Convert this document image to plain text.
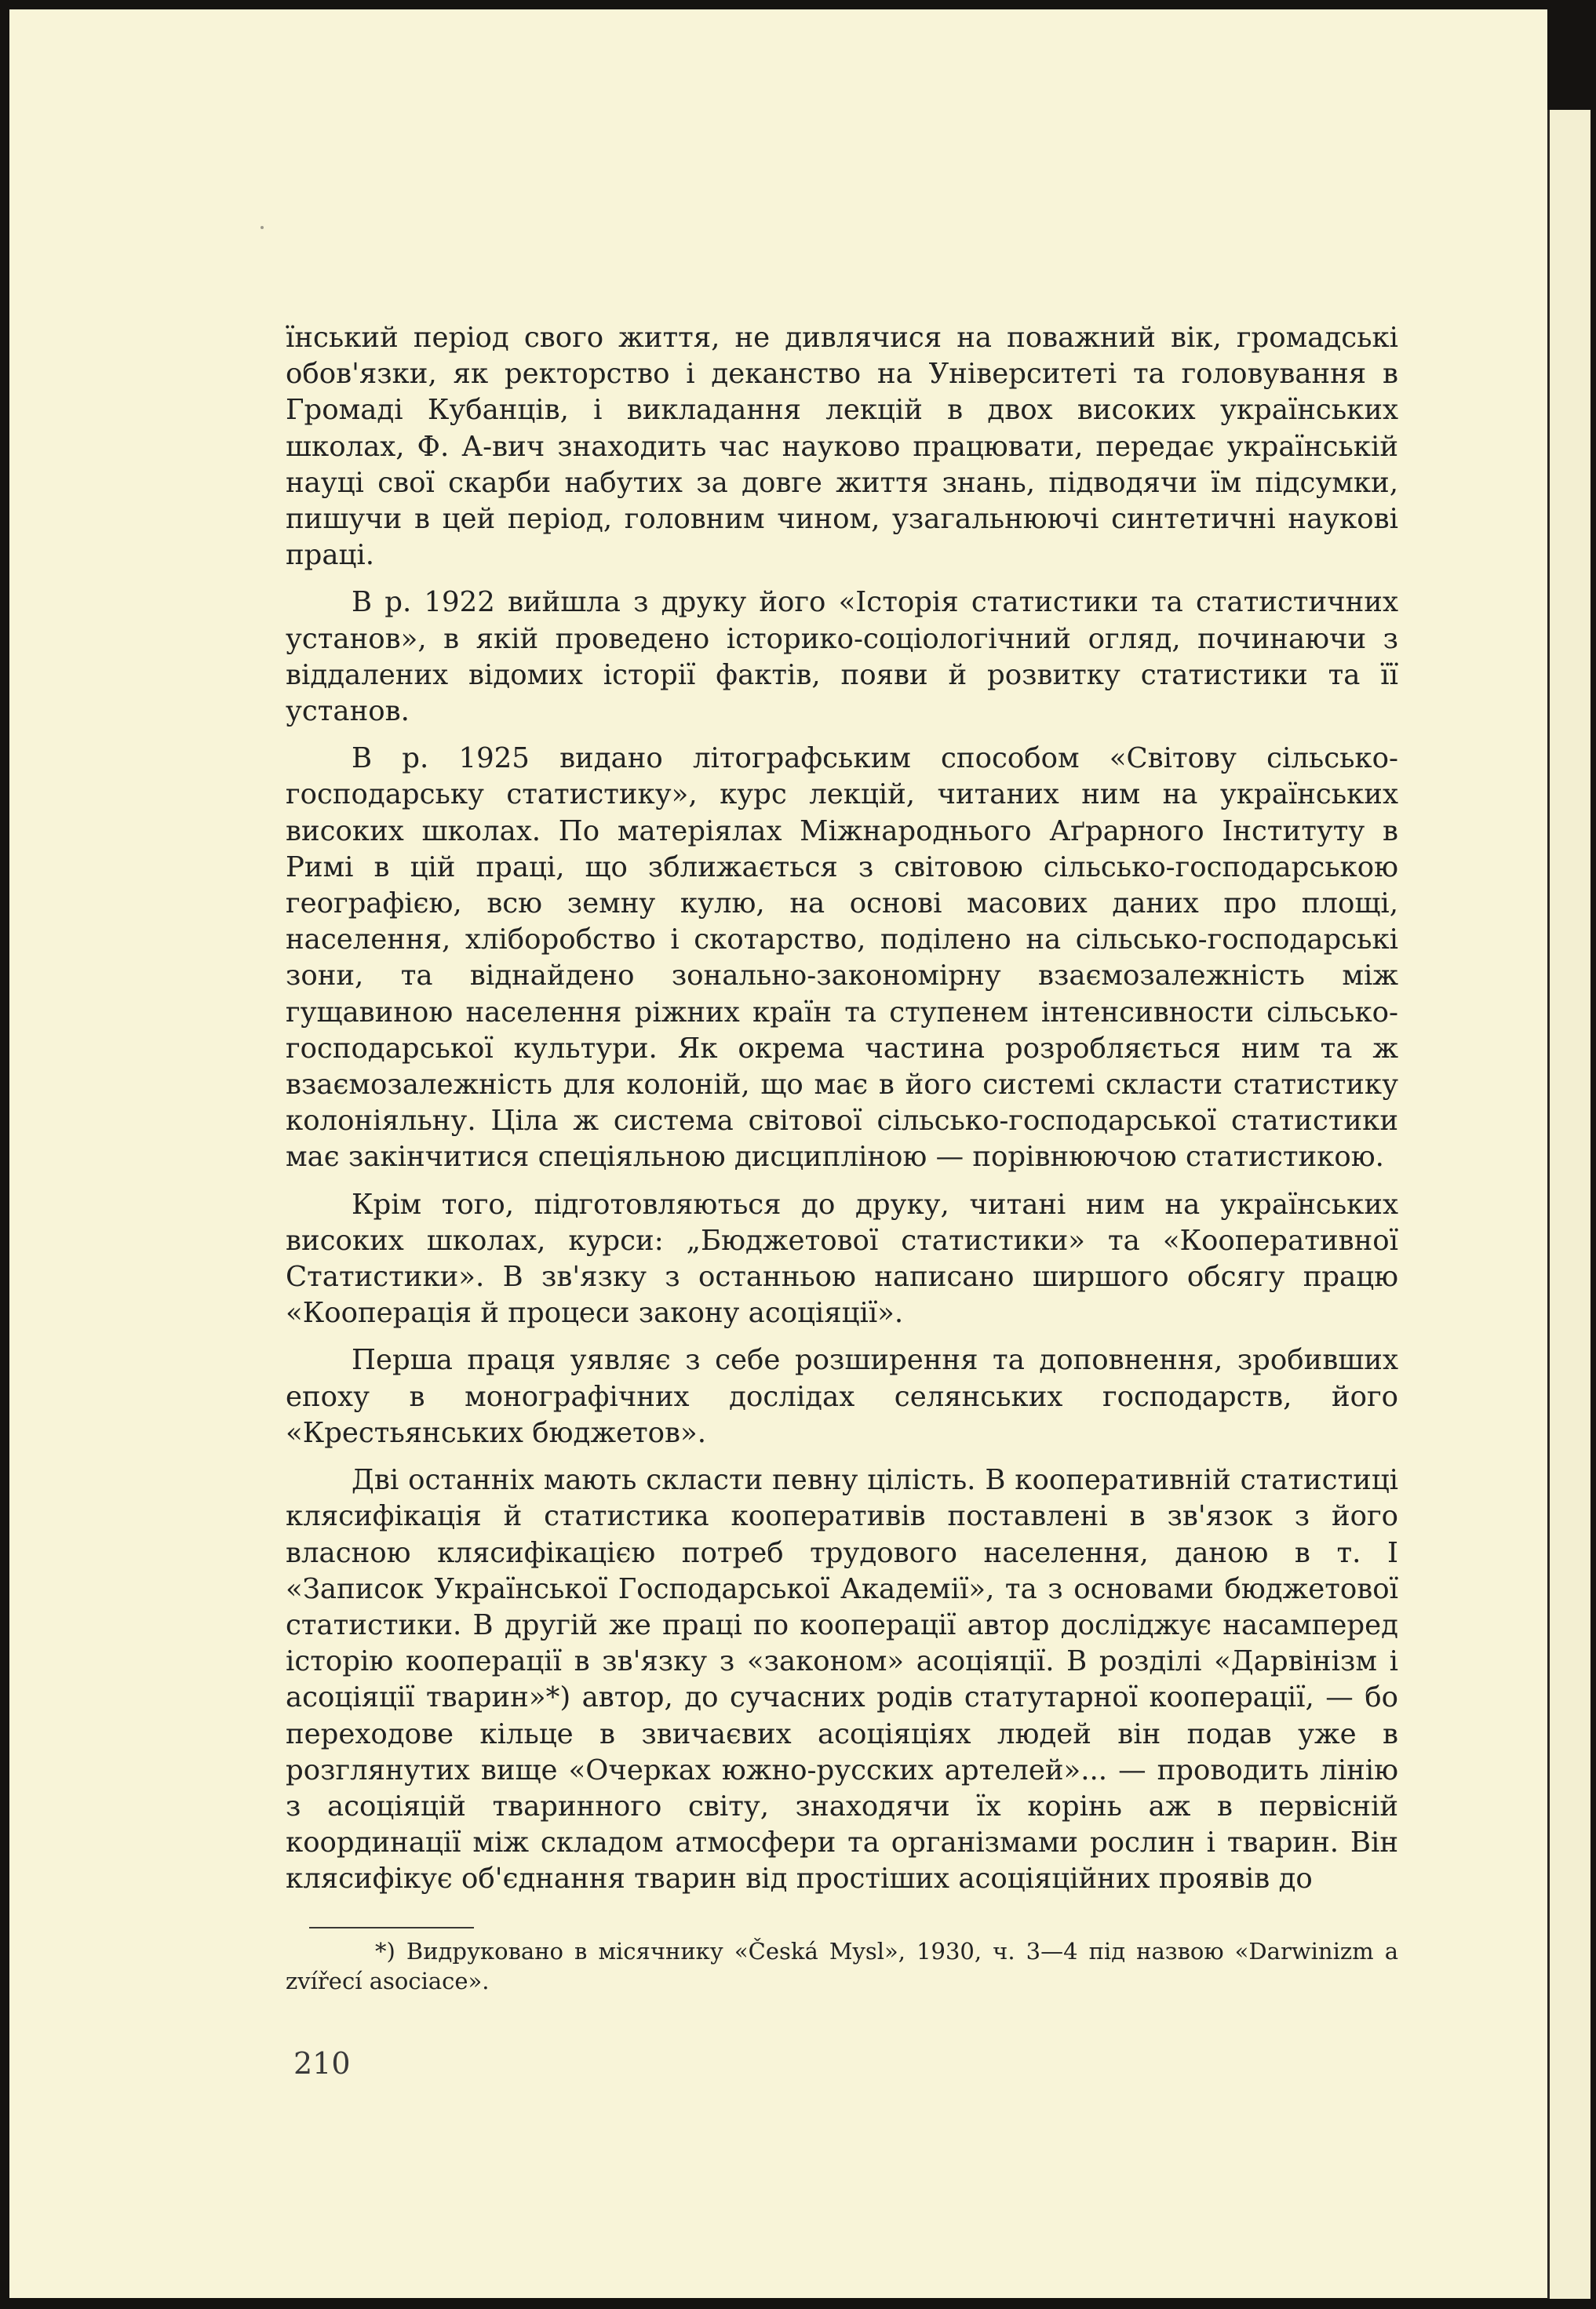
їнський період свого життя, не дивлячися на поважний вік, громадські обов'язки, як ректорство і деканство на Університеті та головування в Громаді Кубанців, і викладання лекцій в двох високих українських школах, Ф. А-вич знаходить час науково працювати, передає українській науці свої скарби набутих за довге життя знань, підводячи їм підсумки, пишучи в цей період, головним чином, узагальнюючі синтетичні наукові праці.

В р. 1922 вийшла з друку його «Історія статистики та статистичних установ», в якій проведено історико-соціологічний огляд, починаючи з віддалених відомих історії фактів, появи й розвитку статистики та її установ.

В р. 1925 видано літографським способом «Світову сільсько-господарську статистику», курс лекцій, читаних ним на українських високих школах. По матеріялах Міжнароднього Аґрарного Інституту в Римі в цій праці, що зближається з світовою сільсько-господарською географією, всю земну кулю, на основі масових даних про площі, населення, хліборобство і скотарство, поділено на сільсько-господарські зони, та віднайдено зонально-закономірну взаємозалежність між гущавиною населення ріжних країн та ступенем інтенсивности сільсько-господарської культури. Як окрема частина розробляється ним та ж взаємозалежність для колоній, що має в його системі скласти статистику колоніяльну. Ціла ж система світової сільсько-господарської статистики має закінчитися спеціяльною дисципліною — порівнюючою статистикою.

Крім того, підготовляються до друку, читані ним на українських високих школах, курси: „Бюджетової статистики» та «Кооперативної Статистики». В зв'язку з останньою написано ширшого обсягу працю «Кооперація й процеси закону асоціяції».

Перша праця уявляє з себе розширення та доповнення, зробивших епоху в монографічних дослідах селянських господарств, його «Крестьянських бюджетов».

Дві останніх мають скласти певну цілість. В кооперативній статистиці клясифікація й статистика кооперативів поставлені в зв'язок з його власною клясифікацією потреб трудового населення, даною в т. I «Записок Української Господарської Академії», та з основами бюджетової статистики. В другій же праці по кооперації автор досліджує насамперед історію кооперації в зв'язку з «законом» асоціяції. В розділі «Дарвінізм і асоціяції тварин»*) автор, до сучасних родів статутарної кооперації, — бо переходове кільце в звичаєвих асоціяціях людей він подав уже в розглянутих вище «Очерках южно-русских артелей»... — проводить лінію з асоціяцій тваринного світу, знаходячи їх корінь аж в первісній координації між складом атмосфери та організмами рослин і тварин. Він клясифікує об'єднання тварин від простіших асоціяційних проявів до

*) Видруковано в місячнику «Česká Mysl», 1930, ч. 3—4 під назвою «Darwinizm a zvířecí asociace».

210
